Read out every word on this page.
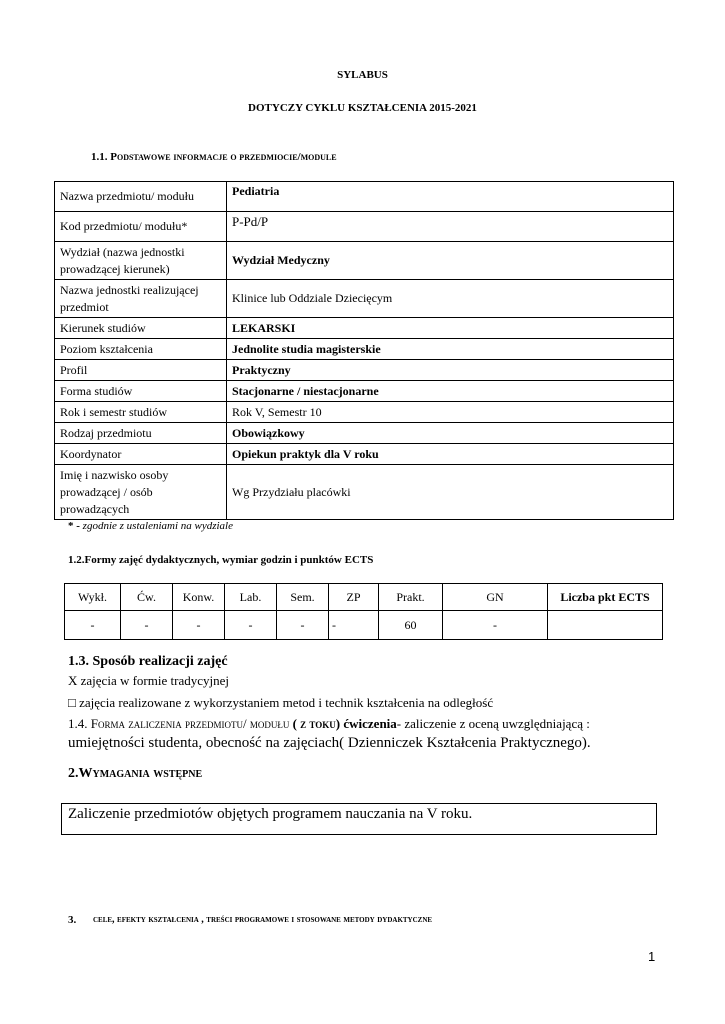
SYLABUS
DOTYCZY CYKLU KSZTAŁCENIA 2015-2021
1.1. Podstawowe informacje o przedmiocie/module
Nazwa przedmiotu/ modułu	Pediatria
Kod przedmiotu/ modułu*	P-Pd/P
Wydział (nazwa jednostki prowadzącej kierunek)	Wydział Medyczny
Nazwa jednostki realizującej przedmiot	Klinice lub Oddziale Dziecięcym
Kierunek studiów	LEKARSKI
Poziom kształcenia	Jednolite studia magisterskie
Profil	Praktyczny
Forma studiów	Stacjonarne / niestacjonarne
Rok i semestr studiów	Rok V, Semestr 10
Rodzaj przedmiotu	Obowiązkowy
Koordynator	Opiekun praktyk dla V roku
Imię i nazwisko osoby prowadzącej / osób prowadzących	Wg Przydziału placówki
* - zgodnie z ustaleniami na wydziale
1.2.Formy zajęć dydaktycznych, wymiar godzin i punktów ECTS
Wykł.	Ćw.	Konw.	Lab.	Sem.	ZP	Prakt.	GN	Liczba pkt ECTS
-	-	-	-	-	-	60	-	
1.3. Sposób realizacji zajęć
X zajęcia w formie tradycyjnej
□ zajęcia realizowane z wykorzystaniem metod i technik kształcenia na odległość
1.4. Forma zaliczenia przedmiotu/ modułu ( z toku) ćwiczenia- zaliczenie z oceną uwzględniającą :
umiejętności studenta, obecność na zajęciach( Dzienniczek Kształcenia Praktycznego).
2.Wymagania wstępne
Zaliczenie przedmiotów objętych programem nauczania na V roku.
3. cele, efekty kształcenia , treści programowe i stosowane metody dydaktyczne
1
